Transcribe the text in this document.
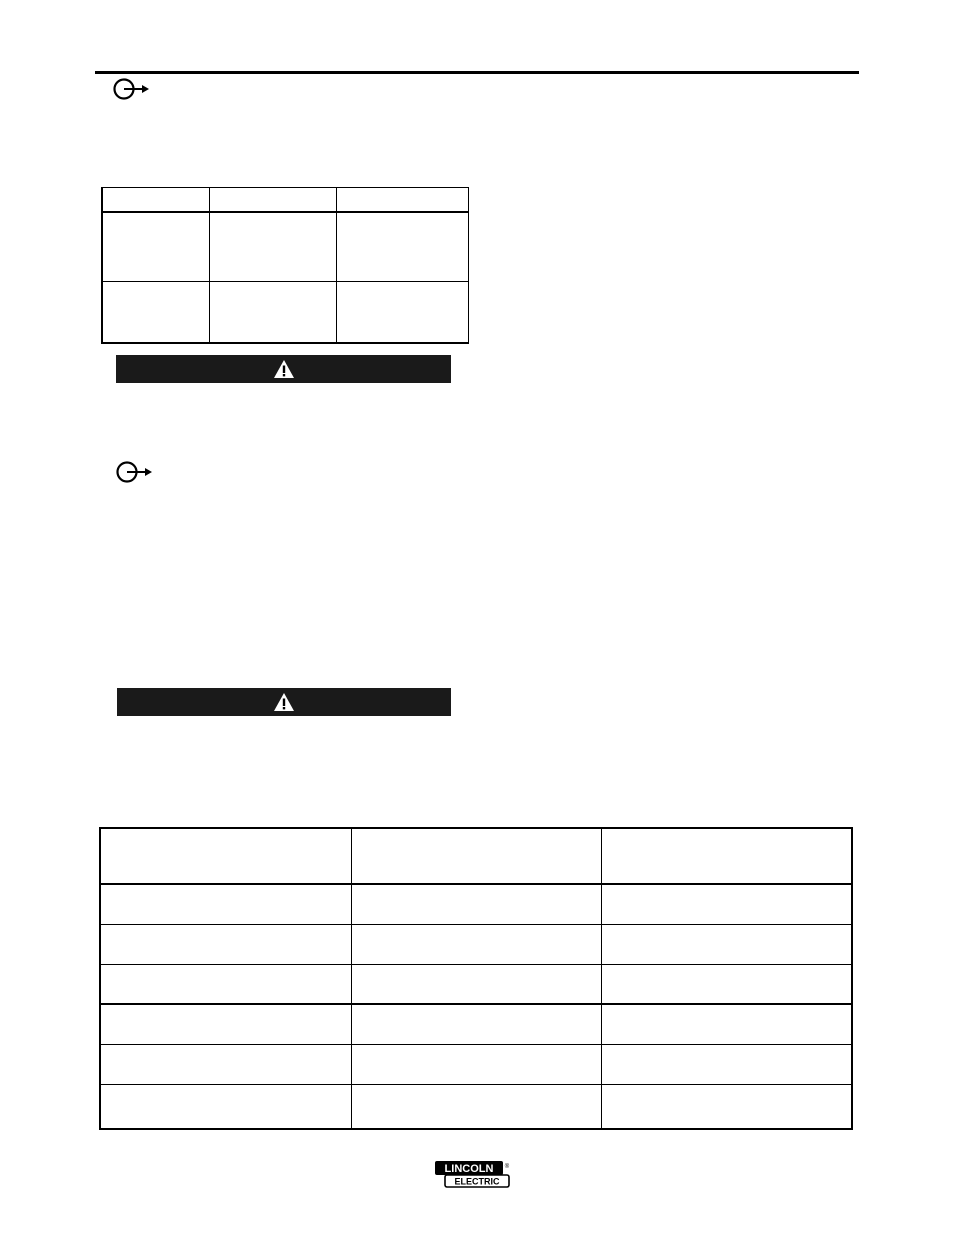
LINCOLN ®
ELECTRIC
